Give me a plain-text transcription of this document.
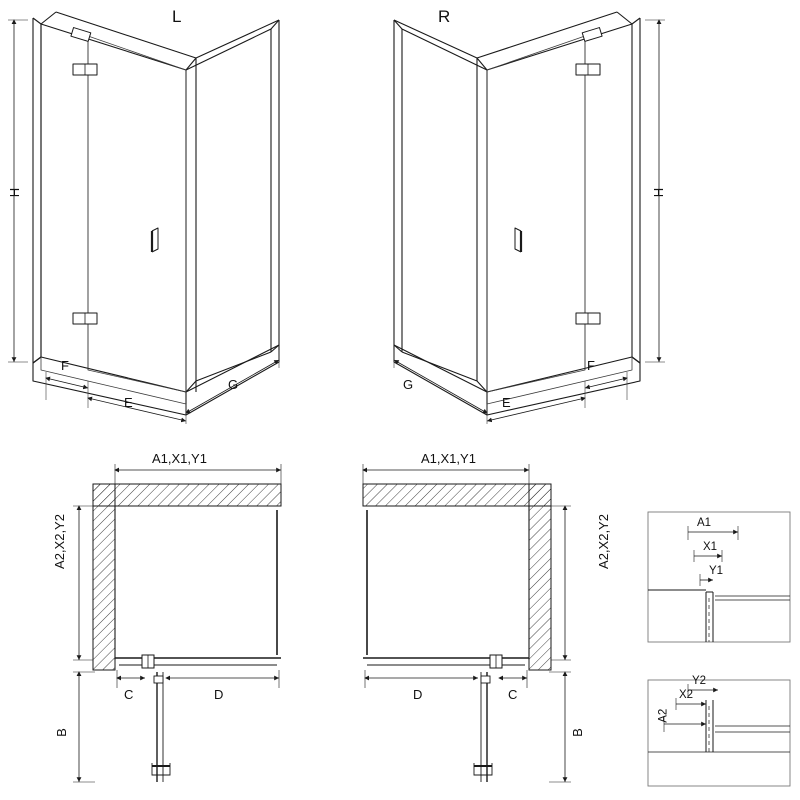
L	R
H	H
F
E
G	G
E
F
A1,X1,Y1
A2,X2,Y2
C	D
B
A1,X1,Y1
A2,X2,Y2
D	C
B
A1
X1
Y1
A2
X2
Y2
